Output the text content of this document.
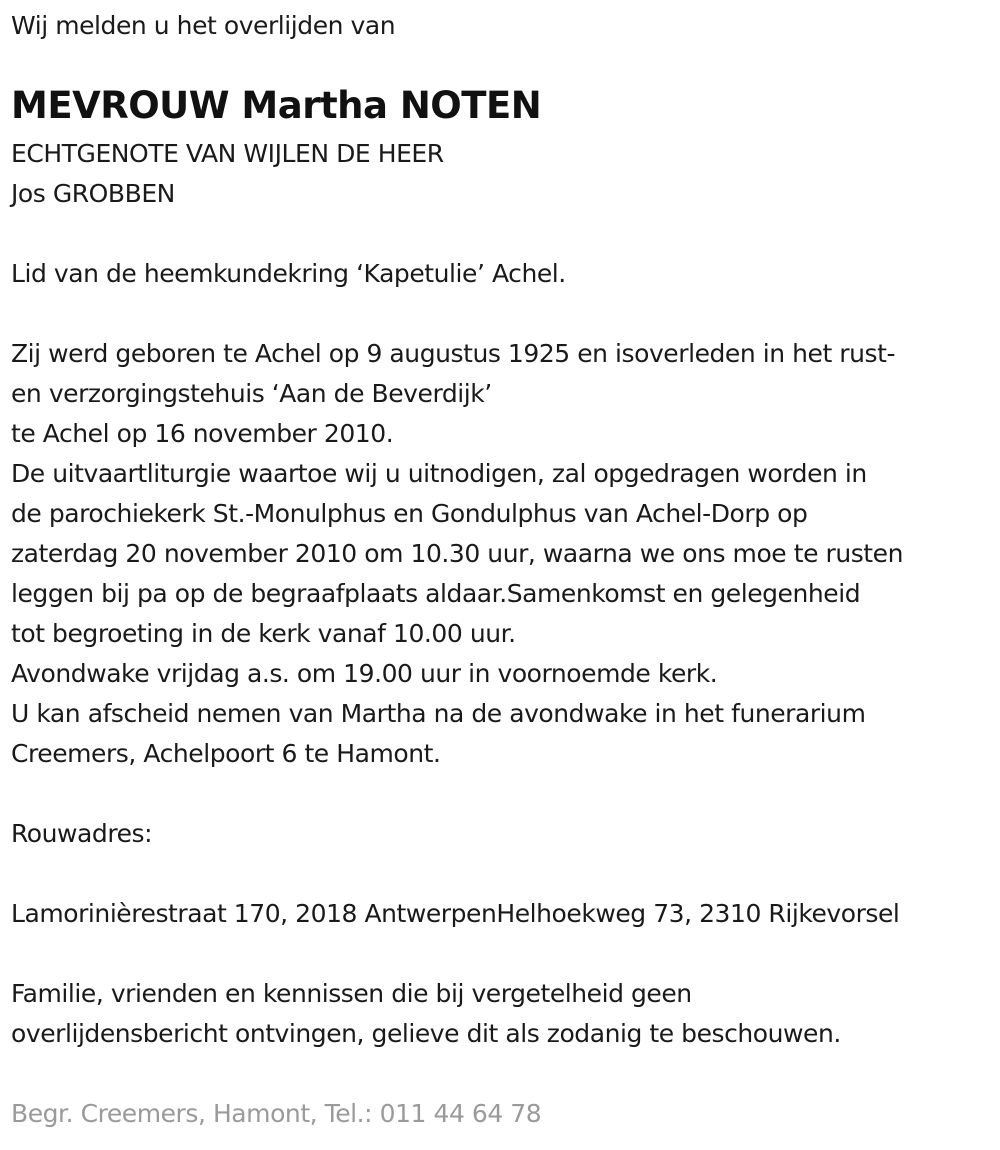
Wij melden u het overlijden van
MEVROUW Martha NOTEN
ECHTGENOTE VAN WIJLEN DE HEER
Jos GROBBEN
Lid van de heemkundekring ‘Kapetulie’ Achel.
Zij werd geboren te Achel op 9 augustus 1925 en isoverleden in het rust-
en verzorgingstehuis ‘Aan de Beverdijk’
te Achel op 16 november 2010.
De uitvaartliturgie waartoe wij u uitnodigen, zal opgedragen worden in
de parochiekerk St.-Monulphus en Gondulphus van Achel-Dorp op
zaterdag 20 november 2010 om 10.30 uur, waarna we ons moe te rusten
leggen bij pa op de begraafplaats aldaar.Samenkomst en gelegenheid
tot begroeting in de kerk vanaf 10.00 uur.
Avondwake vrijdag a.s. om 19.00 uur in voornoemde kerk.
U kan afscheid nemen van Martha na de avondwake in het funerarium
Creemers, Achelpoort 6 te Hamont.
Rouwadres:
Lamorinièrestraat 170, 2018 AntwerpenHelhoekweg 73, 2310 Rijkevorsel
Familie, vrienden en kennissen die bij vergetelheid geen
overlijdensbericht ontvingen, gelieve dit als zodanig te beschouwen.
Begr. Creemers, Hamont, Tel.: 011 44 64 78
